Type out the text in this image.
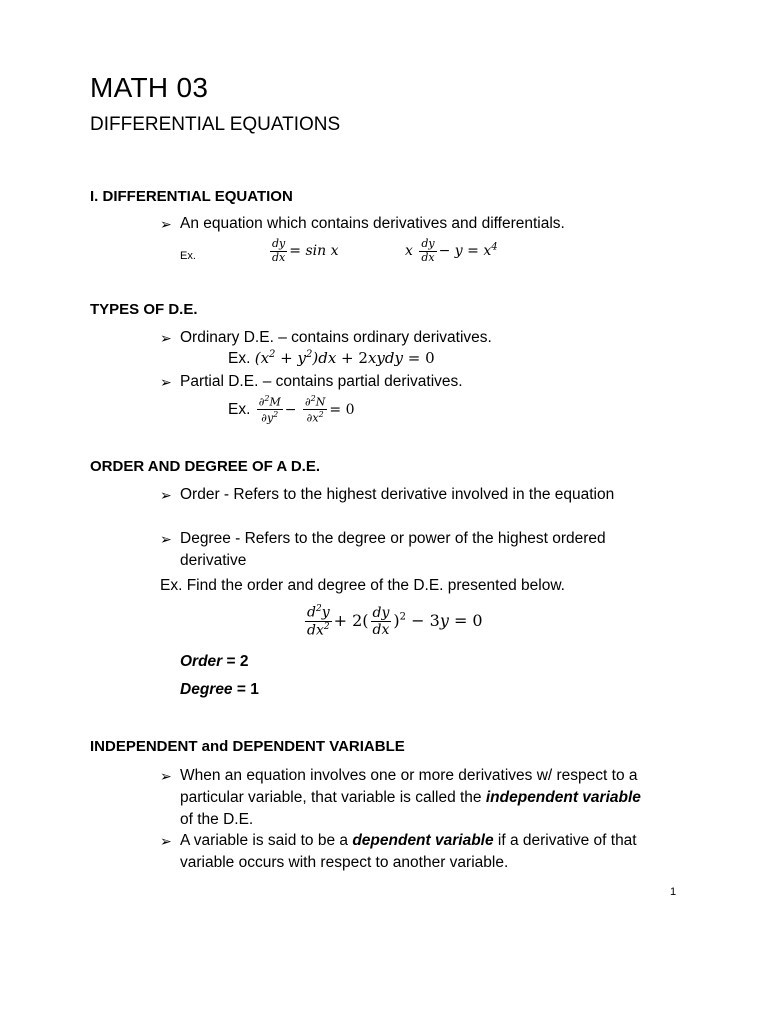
MATH 03
DIFFERENTIAL EQUATIONS
I. DIFFERENTIAL EQUATION
➢ An equation which contains derivatives and differentials.
Ex.	$\frac{dy}{dx} = \sin x$	x $\frac{dy}{dx} - y = x^4$
TYPES OF D.E.
➢ Ordinary D.E. – contains ordinary derivatives.
Ex. $(x^2 + y^2)dx$ + 2xydy = 0
➢ Partial D.E. – contains partial derivatives.
Ex. $\frac{\partial^2M}{\partial y^2} - \frac{\partial^2N}{\partial x^2} = 0$
ORDER AND DEGREE OF A D.E.
➢ Order - Refers to the highest derivative involved in the equation
➢ Degree - Refers to the degree or power of the highest ordered derivative
Ex. Find the order and degree of the D.E. presented below.
$\frac{d^2y}{dx^2} + 2( \frac{dy}{dx} )^2 - 3y = 0$
Order = 2
Degree = 1
INDEPENDENT and DEPENDENT VARIABLE
➢ When an equation involves one or more derivatives w/ respect to a particular variable, that variable is called the independent variable of the D.E.
➢ A variable is said to be a dependent variable if a derivative of that variable occurs with respect to another variable.
1
